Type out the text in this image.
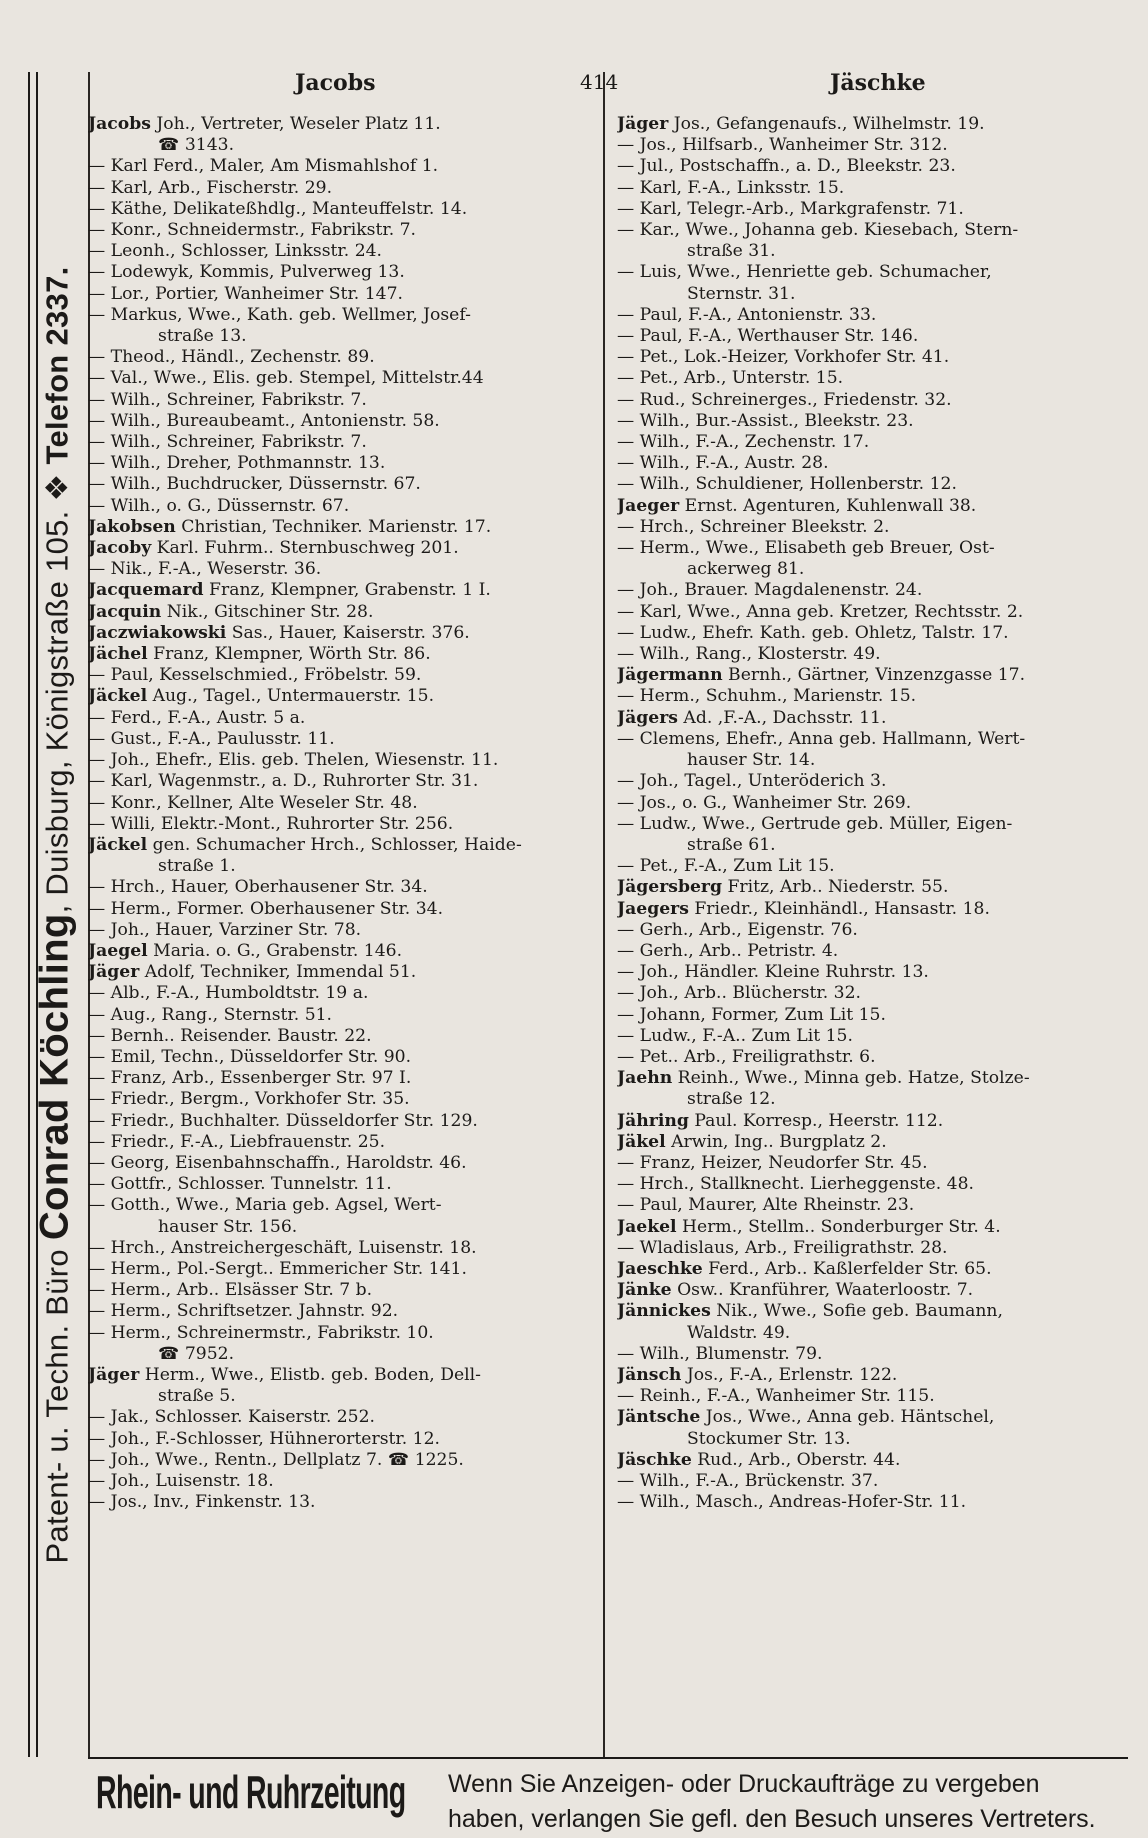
Patent- u. Techn. Büro Conrad Köchling, Duisburg, Königstraße 105. ❖ Telefon 2337.
Jacobs	414	Jäschke
Jacobs Joh., Vertreter, Weseler Platz 11.
☎ 3143.
— Karl Ferd., Maler, Am Mismahlshof 1.
— Karl, Arb., Fischerstr. 29.
— Käthe, Delikateßhdlg., Manteuffelstr. 14.
— Konr., Schneidermstr., Fabrikstr. 7.
— Leonh., Schlosser, Linksstr. 24.
— Lodewyk, Kommis, Pulverweg 13.
— Lor., Portier, Wanheimer Str. 147.
— Markus, Wwe., Kath. geb. Wellmer, Josef-
straße 13.
— Theod., Händl., Zechenstr. 89.
— Val., Wwe., Elis. geb. Stempel, Mittelstr.44
— Wilh., Schreiner, Fabrikstr. 7.
— Wilh., Bureaubeamt., Antonienstr. 58.
— Wilh., Schreiner, Fabrikstr. 7.
— Wilh., Dreher, Pothmannstr. 13.
— Wilh., Buchdrucker, Düssernstr. 67.
— Wilh., o. G., Düssernstr. 67.
Jakobsen Christian, Techniker. Marienstr. 17.
Jacoby Karl. Fuhrm.. Sternbuschweg 201.
— Nik., F.-A., Weserstr. 36.
Jacquemard Franz, Klempner, Grabenstr. 1 I.
Jacquin Nik., Gitschiner Str. 28.
Jaczwiakowski Sas., Hauer, Kaiserstr. 376.
Jächel Franz, Klempner, Wörth Str. 86.
— Paul, Kesselschmied., Fröbelstr. 59.
Jäckel Aug., Tagel., Untermauerstr. 15.
— Ferd., F.-A., Austr. 5 a.
— Gust., F.-A., Paulusstr. 11.
— Joh., Ehefr., Elis. geb. Thelen, Wiesenstr. 11.
— Karl, Wagenmstr., a. D., Ruhrorter Str. 31.
— Konr., Kellner, Alte Weseler Str. 48.
— Willi, Elektr.-Mont., Ruhrorter Str. 256.
Jäckel gen. Schumacher Hrch., Schlosser, Haide-
straße 1.
— Hrch., Hauer, Oberhausener Str. 34.
— Herm., Former. Oberhausener Str. 34.
— Joh., Hauer, Varziner Str. 78.
Jaegel Maria. o. G., Grabenstr. 146.
Jäger Adolf, Techniker, Immendal 51.
— Alb., F.-A., Humboldtstr. 19 a.
— Aug., Rang., Sternstr. 51.
— Bernh.. Reisender. Baustr. 22.
— Emil, Techn., Düsseldorfer Str. 90.
— Franz, Arb., Essenberger Str. 97 I.
— Friedr., Bergm., Vorkhofer Str. 35.
— Friedr., Buchhalter. Düsseldorfer Str. 129.
— Friedr., F.-A., Liebfrauenstr. 25.
— Georg, Eisenbahnschaffn., Haroldstr. 46.
— Gottfr., Schlosser. Tunnelstr. 11.
— Gotth., Wwe., Maria geb. Agsel, Wert-
hauser Str. 156.
— Hrch., Anstreichergeschäft, Luisenstr. 18.
— Herm., Pol.-Sergt.. Emmericher Str. 141.
— Herm., Arb.. Elsässer Str. 7 b.
— Herm., Schriftsetzer. Jahnstr. 92.
— Herm., Schreinermstr., Fabrikstr. 10.
☎ 7952.
Jäger Herm., Wwe., Elistb. geb. Boden, Dell-
straße 5.
— Jak., Schlosser. Kaiserstr. 252.
— Joh., F.-Schlosser, Hühnerorterstr. 12.
— Joh., Wwe., Rentn., Dellplatz 7. ☎ 1225.
— Joh., Luisenstr. 18.
— Jos., Inv., Finkenstr. 13.
Jäger Jos., Gefangenaufs., Wilhelmstr. 19.
— Jos., Hilfsarb., Wanheimer Str. 312.
— Jul., Postschaffn., a. D., Bleekstr. 23.
— Karl, F.-A., Linksstr. 15.
— Karl, Telegr.-Arb., Markgrafenstr. 71.
— Kar., Wwe., Johanna geb. Kiesebach, Stern-
straße 31.
— Luis, Wwe., Henriette geb. Schumacher,
Sternstr. 31.
— Paul, F.-A., Antonienstr. 33.
— Paul, F.-A., Werthauser Str. 146.
— Pet., Lok.-Heizer, Vorkhofer Str. 41.
— Pet., Arb., Unterstr. 15.
— Rud., Schreinerges., Friedenstr. 32.
— Wilh., Bur.-Assist., Bleekstr. 23.
— Wilh., F.-A., Zechenstr. 17.
— Wilh., F.-A., Austr. 28.
— Wilh., Schuldiener, Hollenberstr. 12.
Jaeger Ernst. Agenturen, Kuhlenwall 38.
— Hrch., Schreiner Bleekstr. 2.
— Herm., Wwe., Elisabeth geb Breuer, Ost-
ackerweg 81.
— Joh., Brauer. Magdalenenstr. 24.
— Karl, Wwe., Anna geb. Kretzer, Rechtsstr. 2.
— Ludw., Ehefr. Kath. geb. Ohletz, Talstr. 17.
— Wilh., Rang., Klosterstr. 49.
Jägermann Bernh., Gärtner, Vinzenzgasse 17.
— Herm., Schuhm., Marienstr. 15.
Jägers Ad. ,F.-A., Dachsstr. 11.
— Clemens, Ehefr., Anna geb. Hallmann, Wert-
hauser Str. 14.
— Joh., Tagel., Unteröderich 3.
— Jos., o. G., Wanheimer Str. 269.
— Ludw., Wwe., Gertrude geb. Müller, Eigen-
straße 61.
— Pet., F.-A., Zum Lit 15.
Jägersberg Fritz, Arb.. Niederstr. 55.
Jaegers Friedr., Kleinhändl., Hansastr. 18.
— Gerh., Arb., Eigenstr. 76.
— Gerh., Arb.. Petristr. 4.
— Joh., Händler. Kleine Ruhrstr. 13.
— Joh., Arb.. Blücherstr. 32.
— Johann, Former, Zum Lit 15.
— Ludw., F.-A.. Zum Lit 15.
— Pet.. Arb., Freiligrathstr. 6.
Jaehn Reinh., Wwe., Minna geb. Hatze, Stolze-
straße 12.
Jähring Paul. Korresp., Heerstr. 112.
Jäkel Arwin, Ing.. Burgplatz 2.
— Franz, Heizer, Neudorfer Str. 45.
— Hrch., Stallknecht. Lierheggenste. 48.
— Paul, Maurer, Alte Rheinstr. 23.
Jaekel Herm., Stellm.. Sonderburger Str. 4.
— Wladislaus, Arb., Freiligrathstr. 28.
Jaeschke Ferd., Arb.. Kaßlerfelder Str. 65.
Jänke Osw.. Kranführer, Waaterloostr. 7.
Jännickes Nik., Wwe., Sofie geb. Baumann,
Waldstr. 49.
— Wilh., Blumenstr. 79.
Jänsch Jos., F.-A., Erlenstr. 122.
— Reinh., F.-A., Wanheimer Str. 115.
Jäntsche Jos., Wwe., Anna geb. Häntschel,
Stockumer Str. 13.
Jäschke Rud., Arb., Oberstr. 44.
— Wilh., F.-A., Brückenstr. 37.
— Wilh., Masch., Andreas-Hofer-Str. 11.
Rhein- und Ruhrzeitung Wenn Sie Anzeigen- oder Druckaufträge zu vergeben
haben, verlangen Sie gefl. den Besuch unseres Vertreters.
